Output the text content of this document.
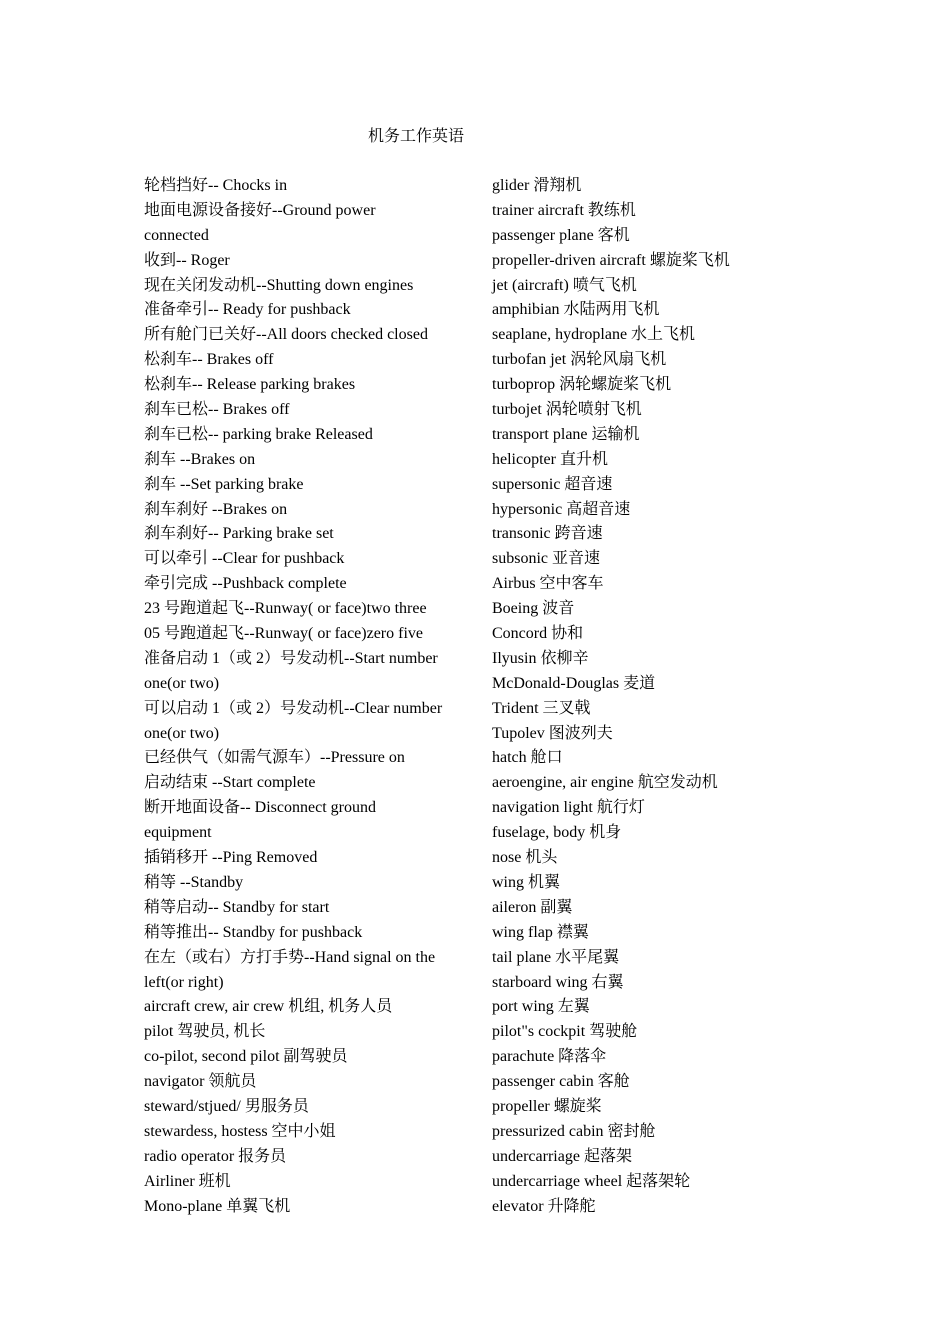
机务工作英语
轮档挡好-- Chocks in
地面电源设备接好--Ground power
connected
收到-- Roger
现在关闭发动机--Shutting down engines
准备牵引-- Ready for pushback
所有舱门已关好--All doors checked closed
松刹车-- Brakes off
松刹车-- Release parking brakes
刹车已松-- Brakes off
刹车已松-- parking brake Released
刹车 --Brakes on
刹车 --Set parking brake
刹车刹好 --Brakes on
刹车刹好-- Parking brake set
可以牵引 --Clear for pushback
牵引完成 --Pushback complete
23 号跑道起飞--Runway( or face)two three
05 号跑道起飞--Runway( or face)zero five
准备启动 1（或 2）号发动机--Start number
one(or two)
可以启动 1（或 2）号发动机--Clear number
one(or two)
已经供气（如需气源车）--Pressure on
启动结束 --Start complete
断开地面设备-- Disconnect ground
equipment
插销移开 --Ping Removed
稍等 --Standby
稍等启动-- Standby for start
稍等推出-- Standby for pushback
在左（或右）方打手势--Hand signal on the
left(or right)
aircraft crew, air crew 机组, 机务人员
pilot 驾驶员, 机长
co-pilot, second pilot 副驾驶员
navigator 领航员
steward/stjued/ 男服务员
stewardess, hostess 空中小姐
radio operator 报务员
Airliner 班机
Mono-plane 单翼飞机
glider 滑翔机
trainer aircraft 教练机
passenger plane 客机
propeller-driven aircraft 螺旋桨飞机
jet (aircraft) 喷气飞机
amphibian 水陆两用飞机
seaplane, hydroplane 水上飞机
turbofan jet 涡轮风扇飞机
turboprop 涡轮螺旋桨飞机
turbojet 涡轮喷射飞机
transport plane 运输机
helicopter 直升机
supersonic 超音速
hypersonic 高超音速
transonic 跨音速
subsonic 亚音速
Airbus 空中客车
Boeing 波音
Concord 协和
Ilyusin 依柳辛
McDonald-Douglas 麦道
Trident 三叉戟
Tupolev 图波列夫
hatch 舱口
aeroengine, air engine 航空发动机
navigation light 航行灯
fuselage, body 机身
nose 机头
wing 机翼
aileron 副翼
wing flap 襟翼
tail plane 水平尾翼
starboard wing 右翼
port wing 左翼
pilot"s cockpit 驾驶舱
parachute 降落伞
passenger cabin 客舱
propeller 螺旋桨
pressurized cabin 密封舱
undercarriage 起落架
undercarriage wheel 起落架轮
elevator 升降舵
